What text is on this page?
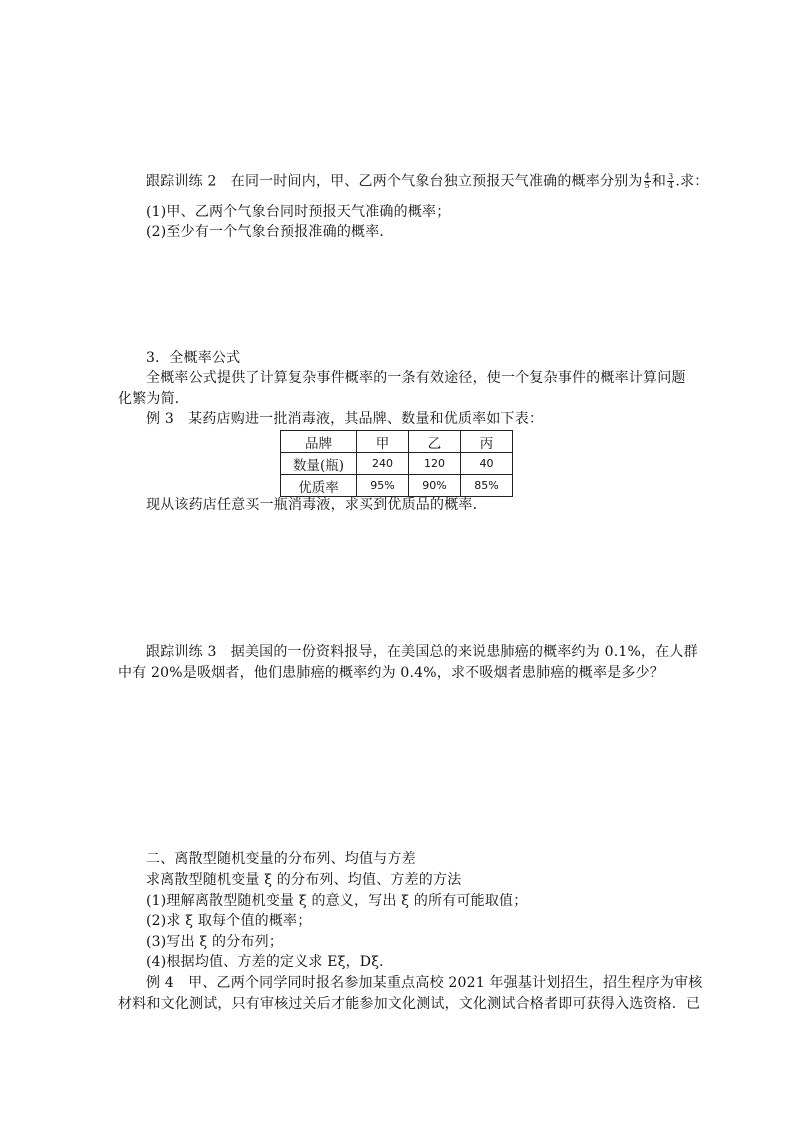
跟踪训练 2　在同一时间内，甲、乙两个气象台独立预报天气准确的概率分别为 $\frac{4}{5}$ 和 $\frac{3}{4}$ .求：
(1)甲、乙两个气象台同时预报天气准确的概率；
(2)至少有一个气象台预报准确的概率．
3．全概率公式
全概率公式提供了计算复杂事件概率的一条有效途径，使一个复杂事件的概率计算问题
化繁为简．
例 3　某药店购进一批消毒液，其品牌、数量和优质率如下表：
品牌	甲	乙	丙
数量(瓶)	240	120	40
优质率	95%	90%	85%
现从该药店任意买一瓶消毒液，求买到优质品的概率．
跟踪训练 3　据美国的一份资料报导，在美国总的来说患肺癌的概率约为 0.1%，在人群
中有 20%是吸烟者，他们患肺癌的概率约为 0.4%，求不吸烟者患肺癌的概率是多少？
二、离散型随机变量的分布列、均值与方差
求离散型随机变量 ξ 的分布列、均值、方差的方法
(1)理解离散型随机变量 ξ 的意义，写出 ξ 的所有可能取值；
(2)求 ξ 取每个值的概率；
(3)写出 ξ 的分布列；
(4)根据均值、方差的定义求 Eξ，Dξ．
例 4　甲、乙两个同学同时报名参加某重点高校 2021 年强基计划招生，招生程序为审核
材料和文化测试，只有审核过关后才能参加文化测试，文化测试合格者即可获得入选资格．已
